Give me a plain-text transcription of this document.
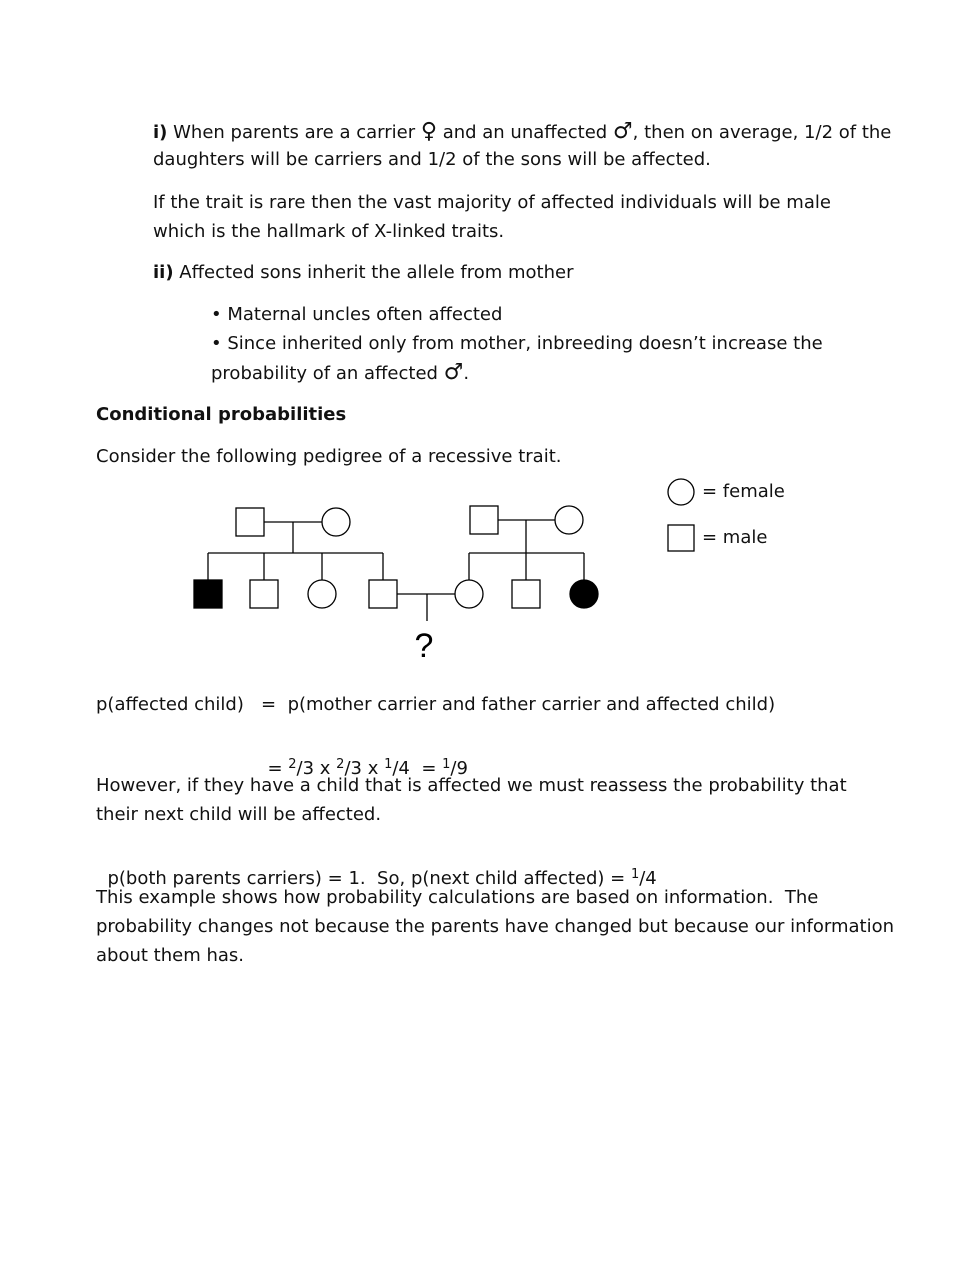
i) When parents are a carrier ♀ and an unaffected ♂, then on average, 1/2 of the
daughters will be carriers and 1/2 of the sons will be affected.
If the trait is rare then the vast majority of affected individuals will be male
which is the hallmark of X-linked traits.
ii) Affected sons inherit the allele from mother
• Maternal uncles often affected
• Since inherited only from mother, inbreeding doesn’t increase the
probability of an affected ♂.
Conditional probabilities
Consider the following pedigree of a recessive trait.
?
= female
= male
p(affected child)   =  p(mother carrier and father carrier and affected child)

= $^2$/3 x $^2$/3 x $^1$/4  = $^1$/9

However, if they have a child that is affected we must reassess the probability that
their next child will be affected.

p(both parents carriers) = 1.  So, p(next child affected) = $^1$/4

This example shows how probability calculations are based on information.  The
probability changes not because the parents have changed but because our information
about them has.
